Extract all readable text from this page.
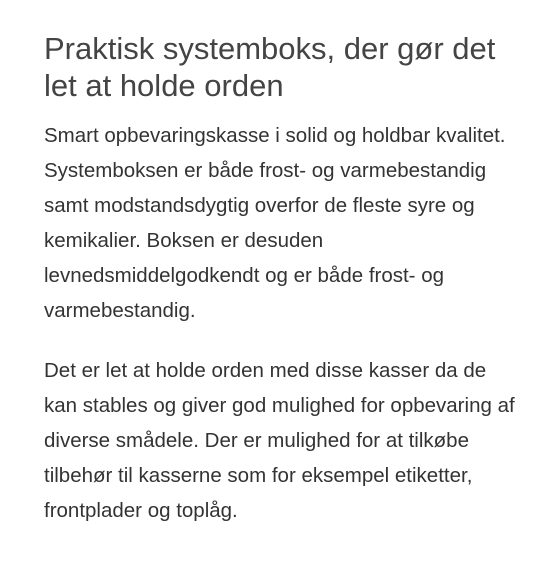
Praktisk systemboks, der gør det let at holde orden

Smart opbevaringskasse i solid og holdbar kvalitet.  Systemboksen er både frost- og varmebestandig samt modstandsdygtig overfor de fleste syre og kemikalier. Boksen er desuden levnedsmiddelgodkendt og er både frost- og varmebestandig.

Det er let at holde orden med disse kasser da de kan stables og giver god mulighed for opbevaring af diverse smådele. Der er mulighed for at tilkøbe tilbehør til kasserne som for eksempel etiketter, frontplader og toplåg.
